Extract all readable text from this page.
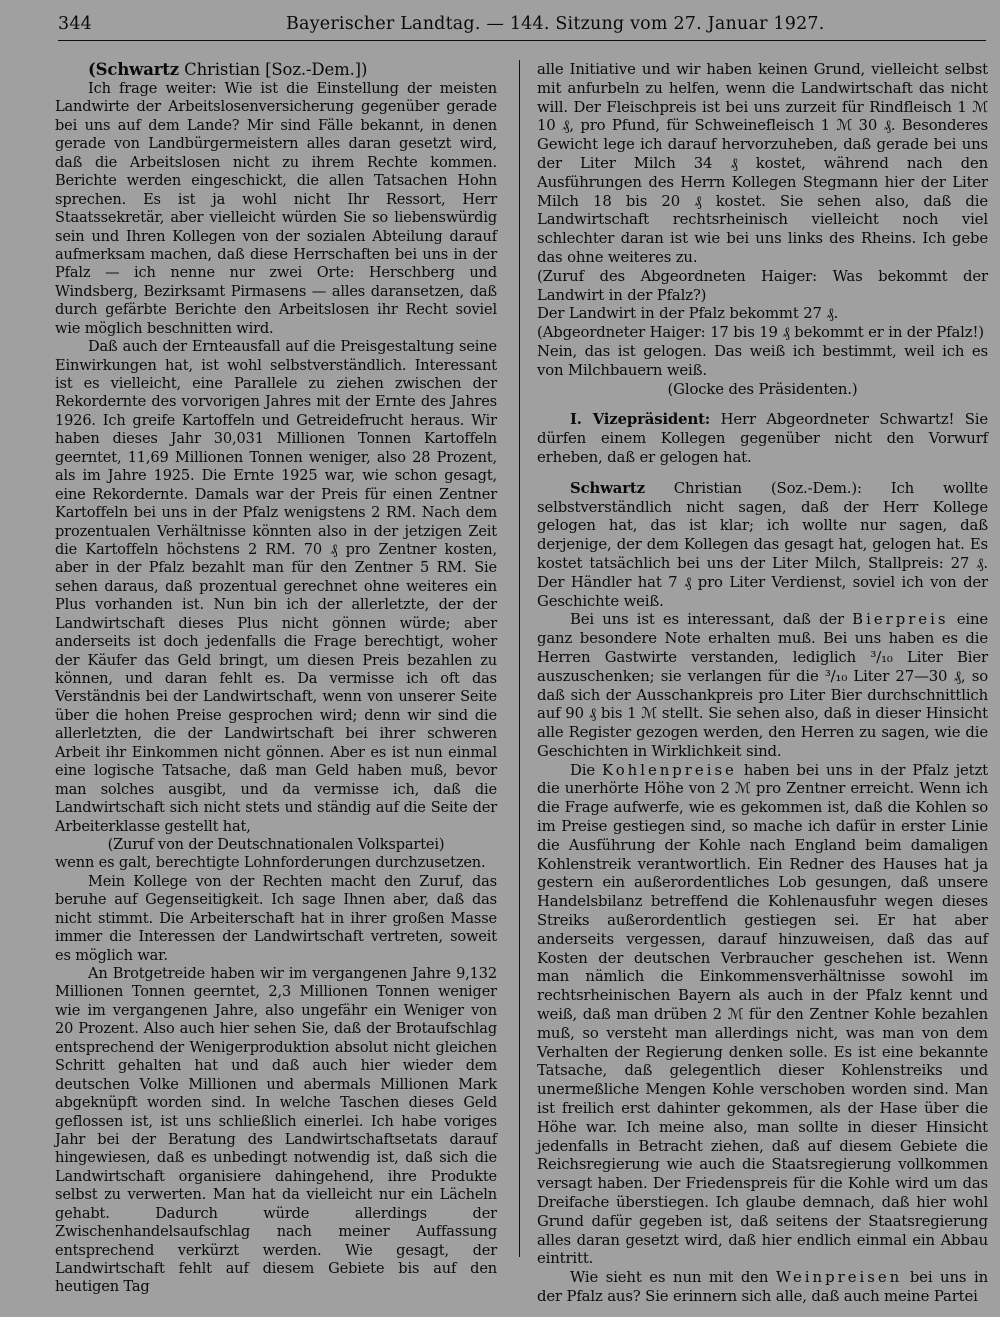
344	Bayerischer Landtag. — 144. Sitzung vom 27. Januar 1927.

(Schwartz Christian [Soz.-Dem.])

Ich frage weiter: Wie ist die Einstellung der meisten Landwirte der Arbeitslosenversicherung gegenüber gerade bei uns auf dem Lande? Mir sind Fälle bekannt, in denen gerade von Landbürgermeistern alles daran gesetzt wird, daß die Arbeitslosen nicht zu ihrem Rechte kommen. Berichte werden eingeschickt, die allen Tatsachen Hohn sprechen. Es ist ja wohl nicht Ihr Ressort, Herr Staatssekretär, aber vielleicht würden Sie so liebenswürdig sein und Ihren Kollegen von der sozialen Abteilung darauf aufmerksam machen, daß diese Herrschaften bei uns in der Pfalz — ich nenne nur zwei Orte: Herschberg und Windsberg, Bezirksamt Pirmasens — alles daransetzen, daß durch gefärbte Berichte den Arbeitslosen ihr Recht soviel wie möglich beschnitten wird.

Daß auch der Ernteausfall auf die Preisgestaltung seine Einwirkungen hat, ist wohl selbstverständlich. Interessant ist es vielleicht, eine Parallele zu ziehen zwischen der Rekordernte des vorvorigen Jahres mit der Ernte des Jahres 1926. Ich greife Kartoffeln und Getreidefrucht heraus. Wir haben dieses Jahr 30,031 Millionen Tonnen Kartoffeln geerntet, 11,69 Millionen Tonnen weniger, also 28 Prozent, als im Jahre 1925. Die Ernte 1925 war, wie schon gesagt, eine Rekordernte. Damals war der Preis für einen Zentner Kartoffeln bei uns in der Pfalz wenigstens 2 RM. Nach dem prozentualen Verhältnisse könnten also in der jetzigen Zeit die Kartoffeln höchstens 2 RM. 70 ₰ pro Zentner kosten, aber in der Pfalz bezahlt man für den Zentner 5 RM. Sie sehen daraus, daß prozentual gerechnet ohne weiteres ein Plus vorhanden ist. Nun bin ich der allerletzte, der der Landwirtschaft dieses Plus nicht gönnen würde; aber anderseits ist doch jedenfalls die Frage berechtigt, woher der Käufer das Geld bringt, um diesen Preis bezahlen zu können, und daran fehlt es. Da vermisse ich oft das Verständnis bei der Landwirtschaft, wenn von unserer Seite über die hohen Preise gesprochen wird; denn wir sind die allerletzten, die der Landwirtschaft bei ihrer schweren Arbeit ihr Einkommen nicht gönnen. Aber es ist nun einmal eine logische Tatsache, daß man Geld haben muß, bevor man solches ausgibt, und da vermisse ich, daß die Landwirtschaft sich nicht stets und ständig auf die Seite der Arbeiterklasse gestellt hat,

(Zuruf von der Deutschnationalen Volkspartei)

wenn es galt, berechtigte Lohnforderungen durchzusetzen.

Mein Kollege von der Rechten macht den Zuruf, das beruhe auf Gegenseitigkeit. Ich sage Ihnen aber, daß das nicht stimmt. Die Arbeiterschaft hat in ihrer großen Masse immer die Interessen der Landwirtschaft vertreten, soweit es möglich war.

An Brotgetreide haben wir im vergangenen Jahre 9,132 Millionen Tonnen geerntet, 2,3 Millionen Tonnen weniger wie im vergangenen Jahre, also ungefähr ein Weniger von 20 Prozent. Also auch hier sehen Sie, daß der Brotaufschlag entsprechend der Wenigerproduktion absolut nicht gleichen Schritt gehalten hat und daß auch hier wieder dem deutschen Volke Millionen und abermals Millionen Mark abgeknüpft worden sind. In welche Taschen dieses Geld geflossen ist, ist uns schließlich einerlei. Ich habe voriges Jahr bei der Beratung des Landwirtschaftsetats darauf hingewiesen, daß es unbedingt notwendig ist, daß sich die Landwirtschaft organisiere dahingehend, ihre Produkte selbst zu verwerten. Man hat da vielleicht nur ein Lächeln gehabt. Dadurch würde allerdings der Zwischenhandelsaufschlag nach meiner Auffassung entsprechend verkürzt werden. Wie gesagt, der Landwirtschaft fehlt auf diesem Gebiete bis auf den heutigen Tag

alle Initiative und wir haben keinen Grund, vielleicht selbst mit anfurbeln zu helfen, wenn die Landwirtschaft das nicht will. Der Fleischpreis ist bei uns zurzeit für Rindfleisch 1 ℳ 10 ₰, pro Pfund, für Schweinefleisch 1 ℳ 30 ₰. Besonderes Gewicht lege ich darauf hervorzuheben, daß gerade bei uns der Liter Milch 34 ₰ kostet, während nach den Ausführungen des Herrn Kollegen Stegmann hier der Liter Milch 18 bis 20 ₰ kostet. Sie sehen also, daß die Landwirtschaft rechtsrheinisch vielleicht noch viel schlechter daran ist wie bei uns links des Rheins. Ich gebe das ohne weiteres zu.

(Zuruf des Abgeordneten Haiger: Was bekommt der Landwirt in der Pfalz?)

Der Landwirt in der Pfalz bekommt 27 ₰.

(Abgeordneter Haiger: 17 bis 19 ₰ bekommt er in der Pfalz!)

Nein, das ist gelogen. Das weiß ich bestimmt, weil ich es von Milchbauern weiß.

(Glocke des Präsidenten.)

I. Vizepräsident: Herr Abgeordneter Schwartz! Sie dürfen einem Kollegen gegenüber nicht den Vorwurf erheben, daß er gelogen hat.

Schwartz Christian (Soz.-Dem.): Ich wollte selbstverständlich nicht sagen, daß der Herr Kollege gelogen hat, das ist klar; ich wollte nur sagen, daß derjenige, der dem Kollegen das gesagt hat, gelogen hat. Es kostet tatsächlich bei uns der Liter Milch, Stallpreis: 27 ₰. Der Händler hat 7 ₰ pro Liter Verdienst, soviel ich von der Geschichte weiß.

Bei uns ist es interessant, daß der Bierpreis eine ganz besondere Note erhalten muß. Bei uns haben es die Herren Gastwirte verstanden, lediglich ³/₁₀ Liter Bier auszuschenken; sie verlangen für die ³/₁₀ Liter 27—30 ₰, so daß sich der Ausschankpreis pro Liter Bier durchschnittlich auf 90 ₰ bis 1 ℳ stellt. Sie sehen also, daß in dieser Hinsicht alle Register gezogen werden, den Herren zu sagen, wie die Geschichten in Wirklichkeit sind.

Die Kohlenpreise haben bei uns in der Pfalz jetzt die unerhörte Höhe von 2 ℳ pro Zentner erreicht. Wenn ich die Frage aufwerfe, wie es gekommen ist, daß die Kohlen so im Preise gestiegen sind, so mache ich dafür in erster Linie die Ausführung der Kohle nach England beim damaligen Kohlenstreik verantwortlich. Ein Redner des Hauses hat ja gestern ein außerordentliches Lob gesungen, daß unsere Handelsbilanz betreffend die Kohlenausfuhr wegen dieses Streiks außerordentlich gestiegen sei. Er hat aber anderseits vergessen, darauf hinzuweisen, daß das auf Kosten der deutschen Verbraucher geschehen ist. Wenn man nämlich die Einkommensverhältnisse sowohl im rechtsrheinischen Bayern als auch in der Pfalz kennt und weiß, daß man drüben 2 ℳ für den Zentner Kohle bezahlen muß, so versteht man allerdings nicht, was man von dem Verhalten der Regierung denken solle. Es ist eine bekannte Tatsache, daß gelegentlich dieser Kohlenstreiks und unermeßliche Mengen Kohle verschoben worden sind. Man ist freilich erst dahinter gekommen, als der Hase über die Höhe war. Ich meine also, man sollte in dieser Hinsicht jedenfalls in Betracht ziehen, daß auf diesem Gebiete die Reichsregierung wie auch die Staatsregierung vollkommen versagt haben. Der Friedenspreis für die Kohle wird um das Dreifache überstiegen. Ich glaube demnach, daß hier wohl Grund dafür gegeben ist, daß seitens der Staatsregierung alles daran gesetzt wird, daß hier endlich einmal ein Abbau eintritt.

Wie sieht es nun mit den Weinpreisen bei uns in der Pfalz aus? Sie erinnern sich alle, daß auch meine Partei
